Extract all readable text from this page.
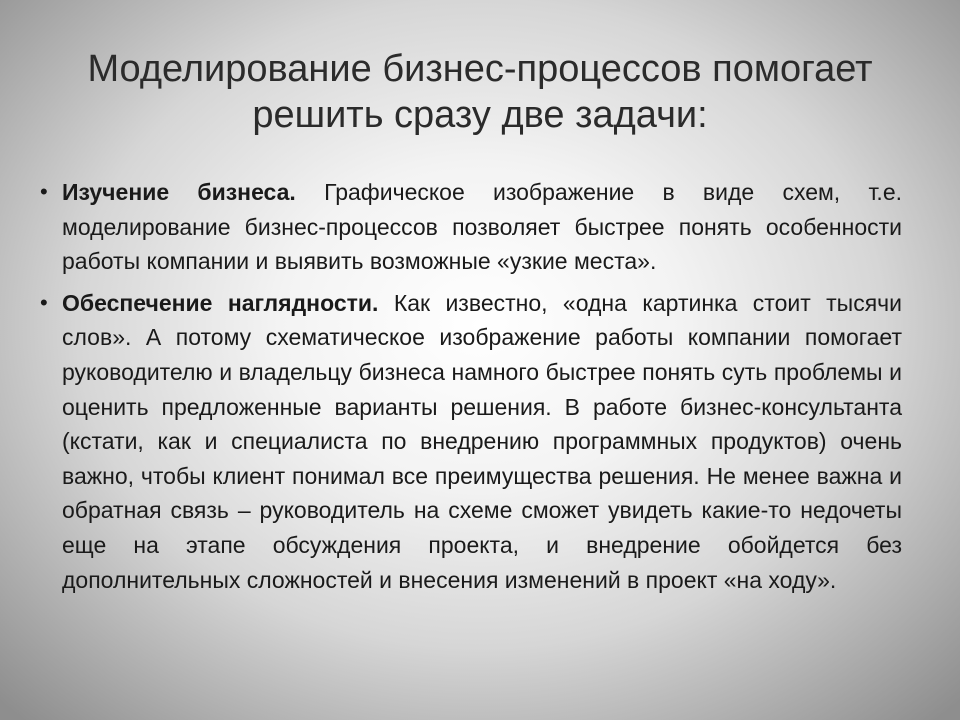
Моделирование бизнес-процессов помогает решить сразу две задачи:
• Изучение бизнеса. Графическое изображение в виде схем, т.е. моделирование бизнес-процессов позволяет быстрее понять особенности работы компании и выявить возможные «узкие места».
• Обеспечение наглядности. Как известно, «одна картинка стоит тысячи слов». А потому схематическое изображение работы компании помогает руководителю и владельцу бизнеса намного быстрее понять суть проблемы и оценить предложенные варианты решения. В работе бизнес-консультанта (кстати, как и специалиста по внедрению программных продуктов) очень важно, чтобы клиент понимал все преимущества решения. Не менее важна и обратная связь – руководитель на схеме сможет увидеть какие-то недочеты еще на этапе обсуждения проекта, и внедрение обойдется без дополнительных сложностей и внесения изменений в проект «на ходу».
